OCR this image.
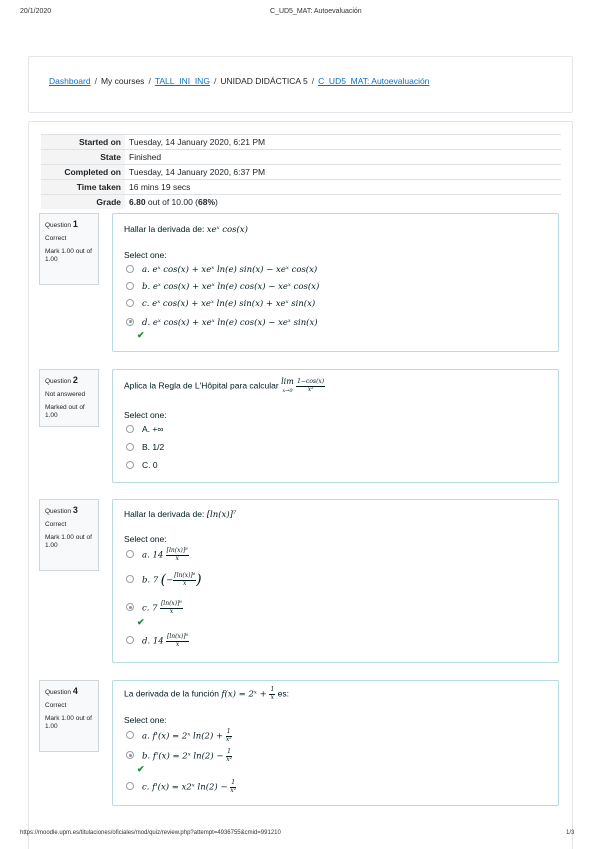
20/1/2020	C_UD5_MAT: Autoevaluación
Dashboard / My courses / TALL_INI_ING / UNIDAD DIDÁCTICA 5 / C_UD5_MAT: Autoevaluación
Started on	Tuesday, 14 January 2020, 6:21 PM
State	Finished
Completed on	Tuesday, 14 January 2020, 6:37 PM
Time taken	16 mins 19 secs
Grade	6.80 out of 10.00 (68%)
Question 1

Correct

Mark 1.00 out of 1.00

Hallar la derivada de: xeˣ cos(x)
Select one:
a. eˣ cos(x) + xeˣ ln(e) sin(x) − xeˣ cos(x)
b. eˣ cos(x) + xeˣ ln(e) cos(x) − xeˣ cos(x)
c. eˣ cos(x) + xeˣ ln(e) sin(x) + xeˣ sin(x)
d. eˣ cos(x) + xeˣ ln(e) cos(x) − xeˣ sin(x)
✔
Question 2

Not answered

Marked out of 1.00

Aplica la Regla de L'Hôpital para calcular lim
$x\to 0 \frac{1-\cos(x)}{\text{x²}}$
Select one:
A. +∞
B. 1/2
C. 0
Question 3

Correct

Mark 1.00 out of 1.00

Hallar la derivada de: [ln(x)]⁷
Select one:
a. $14 \frac{\text{[ln(x)]⁸}}{x}$
b. 7 (− $\frac{\text{[ln(x)]⁶}}{x}$ )
c. $7 \frac{\text{[ln(x)]⁶}}{x}$
✔
d. $14 \frac{\text{[ln(x)]⁶}}{x}$
Question 4

Correct

Mark 1.00 out of 1.00

La derivada de la función f(x) = 2ˣ + $\frac{1}{x}$ es:
Select one:
a. f'(x) = 2ˣ $\ln(2) + \frac{1}{\text{x²}}$
b. f'(x) = 2ˣ $\ln(2) - \frac{1}{\text{x²}}$
✔
c. f'(x) = x2ˣ $\ln(2) - \frac{1}{\text{x²}}$
https://moodle.upm.es/titulaciones/oficiales/mod/quiz/review.php?attempt=4936755&cmid=991210	1/3
